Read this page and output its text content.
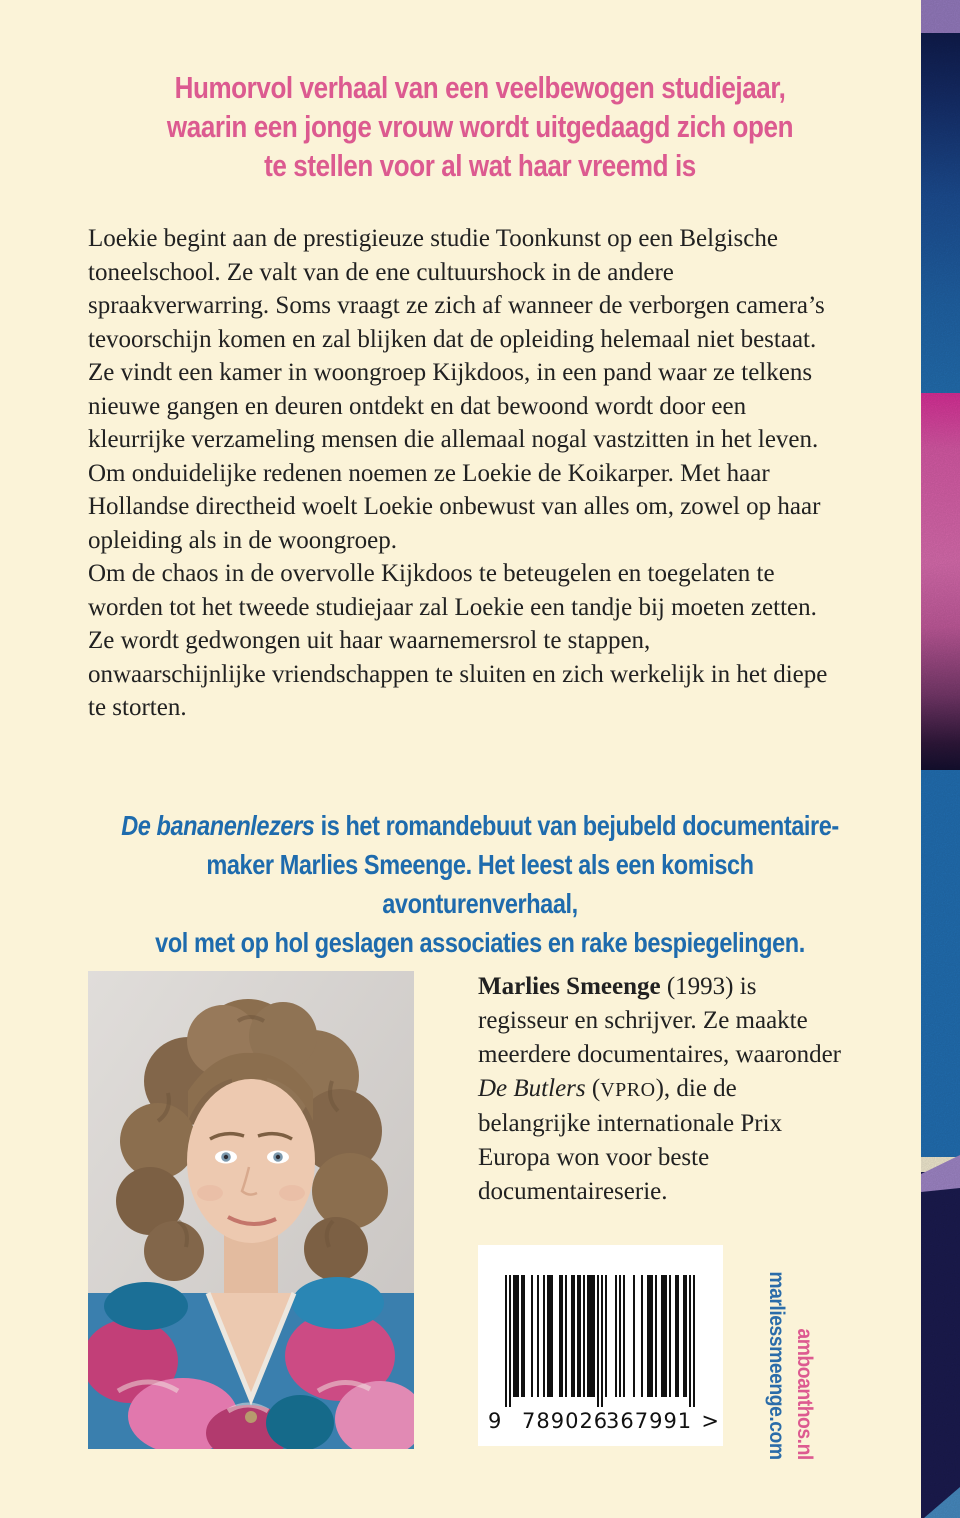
Humorvol verhaal van een veelbewogen studiejaar,
waarin een jonge vrouw wordt uitgedaagd zich open
te stellen voor al wat haar vreemd is

Loekie begint aan de prestigieuze studie Toonkunst op een Belgische toneelschool. Ze valt van de ene cultuurshock in de andere spraakverwarring. Soms vraagt ze zich af wanneer de verborgen camera’s tevoorschijn komen en zal blijken dat de opleiding helemaal niet bestaat.

Ze vindt een kamer in woongroep Kijkdoos, in een pand waar ze telkens nieuwe gangen en deuren ontdekt en dat bewoond wordt door een kleurrijke verzameling mensen die allemaal nogal vastzitten in het leven. Om onduidelijke redenen noemen ze Loekie de Koikarper. Met haar Hollandse directheid woelt Loekie onbewust van alles om, zowel op haar opleiding als in de woongroep.

Om de chaos in de overvolle Kijkdoos te beteugelen en toegelaten te worden tot het tweede studiejaar zal Loekie een tandje bij moeten zetten. Ze wordt gedwongen uit haar waarnemersrol te stappen, onwaarschijnlijke vriendschappen te sluiten en zich werkelijk in het diepe te storten.

De bananenlezers is het romandebuut van bejubeld documentaire-
maker Marlies Smeenge. Het leest als een komisch avonturenverhaal,
vol met op hol geslagen associaties en rake bespiegelingen.
Marlies Smeenge (1993) is regisseur en schrijver. Ze maakte meerdere documentaires, waaronder De Butlers (VPRO), die de belangrijke internationale Prix Europa won voor beste documentaireserie.
9 789026
367991 > marliessmeenge.com amboanthos.nl
